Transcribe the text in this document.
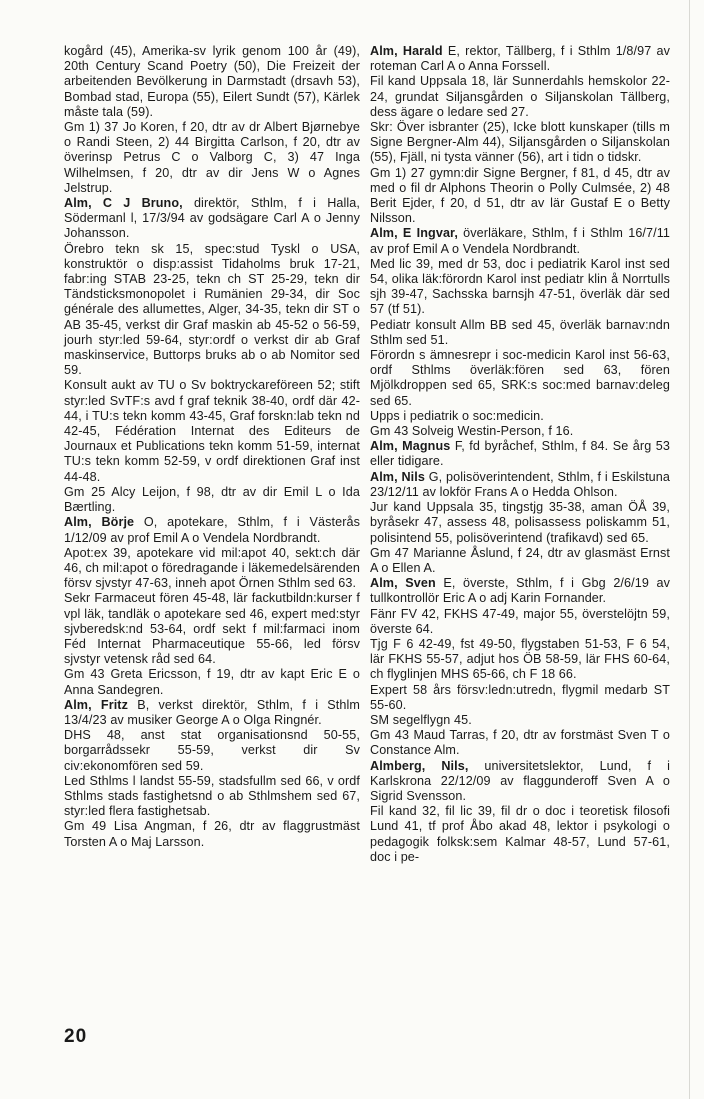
kogård (45), Amerika-sv lyrik genom 100 år (49), 20th Century Scand Poetry (50), Die Freizeit der arbeitenden Bevölkerung in Darmstadt (drsavh 53), Bombad stad, Europa (55), Eilert Sundt (57), Kärlek måste tala (59).

Gm 1) 37 Jo Koren, f 20, dtr av dr Albert Bjørnebye o Randi Steen, 2) 44 Birgitta Carlson, f 20, dtr av överinsp Petrus C o Valborg C, 3) 47 Inga Wilhelmsen, f 20, dtr av dir Jens W o Agnes Jelstrup.

Alm, C J Bruno, direktör, Sthlm, f i Halla, Södermanl l, 17/3/94 av godsägare Carl A o Jenny Johansson.

Örebro tekn sk 15, spec:stud Tyskl o USA, konstruktör o disp:assist Tidaholms bruk 17-21, fabr:ing STAB 23-25, tekn ch ST 25-29, tekn dir Tändsticksmonopolet i Rumänien 29-34, dir Soc générale des allumettes, Alger, 34-35, tekn dir ST o AB 35-45, verkst dir Graf maskin ab 45-52 o 56-59, jourh styr:led 59-64, styr:ordf o verkst dir ab Graf maskinservice, Buttorps bruks ab o ab Nomitor sed 59.

Konsult aukt av TU o Sv boktryckareföreen 52; stift styr:led SvTF:s avd f graf teknik 38-40, ordf där 42-44, i TU:s tekn komm 43-45, Graf forskn:lab tekn nd 42-45, Fédération Internat des Editeurs de Journaux et Publications tekn komm 51-59, internat TU:s tekn komm 52-59, v ordf direktionen Graf inst 44-48.

Gm 25 Alcy Leijon, f 98, dtr av dir Emil L o Ida Bærtling.

Alm, Börje O, apotekare, Sthlm, f i Västerås 1/12/09 av prof Emil A o Vendela Nordbrandt.

Apot:ex 39, apotekare vid mil:apot 40, sekt:ch där 46, ch mil:apot o föredragande i läkemedelsärenden försv sjvstyr 47-63, inneh apot Örnen Sthlm sed 63.

Sekr Farmaceut fören 45-48, lär fackutbildn:kurser f vpl läk, tandläk o apotekare sed 46, expert med:styr sjvberedsk:nd 53-64, ordf sekt f mil:farmaci inom Féd Internat Pharmaceutique 55-66, led försv sjvstyr vetensk råd sed 64.

Gm 43 Greta Ericsson, f 19, dtr av kapt Eric E o Anna Sandegren.

Alm, Fritz B, verkst direktör, Sthlm, f i Sthlm 13/4/23 av musiker George A o Olga Ringnér.

DHS 48, anst stat organisationsnd 50-55, borgarrådssekr 55-59, verkst dir Sv civ:ekonomfören sed 59.

Led Sthlms l landst 55-59, stadsfullm sed 66, v ordf Sthlms stads fastighetsnd o ab Sthlmshem sed 67, styr:led flera fastighetsab.

Gm 49 Lisa Angman, f 26, dtr av flaggrustmäst Torsten A o Maj Larsson.

Alm, Harald E, rektor, Tällberg, f i Sthlm 1/8/97 av roteman Carl A o Anna Forssell.

Fil kand Uppsala 18, lär Sunnerdahls hemskolor 22-24, grundat Siljansgården o Siljanskolan Tällberg, dess ägare o ledare sed 27.

Skr: Över isbranter (25), Icke blott kunskaper (tills m Signe Bergner-Alm 44), Siljansgården o Siljanskolan (55), Fjäll, ni tysta vänner (56), art i tidn o tidskr.

Gm 1) 27 gymn:dir Signe Bergner, f 81, d 45, dtr av med o fil dr Alphons Theorin o Polly Culmsée, 2) 48 Berit Ejder, f 20, d 51, dtr av lär Gustaf E o Betty Nilsson.

Alm, E Ingvar, överläkare, Sthlm, f i Sthlm 16/7/11 av prof Emil A o Vendela Nordbrandt.

Med lic 39, med dr 53, doc i pediatrik Karol inst sed 54, olika läk:förordn Karol inst pediatr klin å Norrtulls sjh 39-47, Sachsska barnsjh 47-51, överläk där sed 57 (tf 51).

Pediatr konsult Allm BB sed 45, överläk barnav:ndn Sthlm sed 51.

Förordn s ämnesrepr i soc-medicin Karol inst 56-63, ordf Sthlms överläk:fören sed 63, fören Mjölkdroppen sed 65, SRK:s soc:med barnav:deleg sed 65.

Upps i pediatrik o soc:medicin.

Gm 43 Solveig Westin-Person, f 16.

Alm, Magnus F, fd byråchef, Sthlm, f 84. Se årg 53 eller tidigare.

Alm, Nils G, polisöverintendent, Sthlm, f i Eskilstuna 23/12/11 av lokför Frans A o Hedda Ohlson.

Jur kand Uppsala 35, tingstjg 35-38, aman ÖÅ 39, byråsekr 47, assess 48, polisassess poliskamm 51, polisintend 55, polisöverintend (trafikavd) sed 65.

Gm 47 Marianne Åslund, f 24, dtr av glasmäst Ernst A o Ellen A.

Alm, Sven E, överste, Sthlm, f i Gbg 2/6/19 av tullkontrollör Eric A o adj Karin Fornander.

Fänr FV 42, FKHS 47-49, major 55, överstelöjtn 59, överste 64.

Tjg F 6 42-49, fst 49-50, flygstaben 51-53, F 6 54, lär FKHS 55-57, adjut hos ÖB 58-59, lär FHS 60-64, ch flyglinjen MHS 65-66, ch F 18 66.

Expert 58 års försv:ledn:utredn, flygmil medarb ST 55-60.

SM segelflygn 45.

Gm 43 Maud Tarras, f 20, dtr av forstmäst Sven T o Constance Alm.

Almberg, Nils, universitetslektor, Lund, f i Karlskrona 22/12/09 av flaggunderoff Sven A o Sigrid Svensson.

Fil kand 32, fil lic 39, fil dr o doc i teoretisk filosofi Lund 41, tf prof Åbo akad 48, lektor i psykologi o pedagogik folksk:sem Kalmar 48-57, Lund 57-61, doc i pe-

20
